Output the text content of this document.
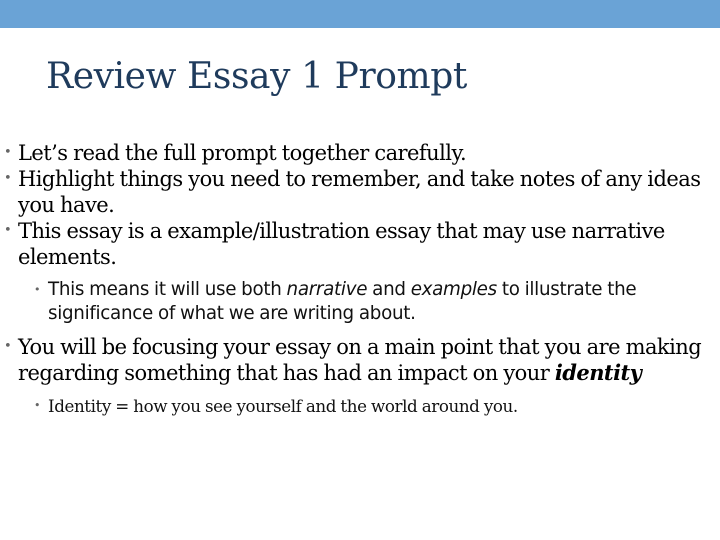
Review Essay 1 Prompt
• Let’s read the full prompt together carefully.
• Highlight things you need to remember, and take notes of any ideas you have.
• This essay is a example/illustration essay that may use narrative elements.
• This means it will use both narrative and examples to illustrate the significance of what we are writing about.
• You will be focusing your essay on a main point that you are making regarding something that has had an impact on your identity
• Identity = how you see yourself and the world around you.
